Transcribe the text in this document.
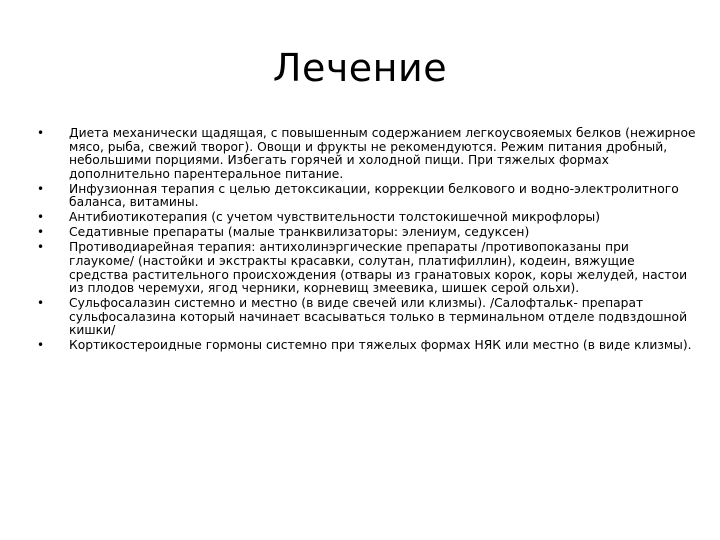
Лечение
• Диета механически щадящая, с повышенным содержанием легкоусвояемых белков (нежирное мясо, рыба, свежий творог). Овощи и фрукты не рекомендуются. Режим питания дробный, небольшими порциями. Избегать горячей и холодной пищи. При тяжелых формах дополнительно парентеральное питание.
• Инфузионная терапия с целью детоксикации, коррекции белкового и водно-электролитного баланса, витамины.
• Антибиотикотерапия (с учетом чувствительности толстокишечной микрофлоры)
• Седативные препараты (малые транквилизаторы: элениум, седуксен)
• Противодиарейная терапия: антихолинэргические препараты /противопоказаны при глаукоме/ (настойки и экстракты красавки, солутан, платифиллин), кодеин, вяжущие средства растительного происхождения (отвары из гранатовых корок, коры желудей, настои из плодов черемухи, ягод черники, корневищ змеевика, шишек серой ольхи).
• Сульфосалазин системно и местно (в виде свечей или клизмы). /Салофтальк- препарат сульфосалазина который начинает всасываться только в терминальном отделе подвздошной кишки/
• Кортикостероидные гормоны системно при тяжелых формах НЯК или местно (в виде клизмы).
